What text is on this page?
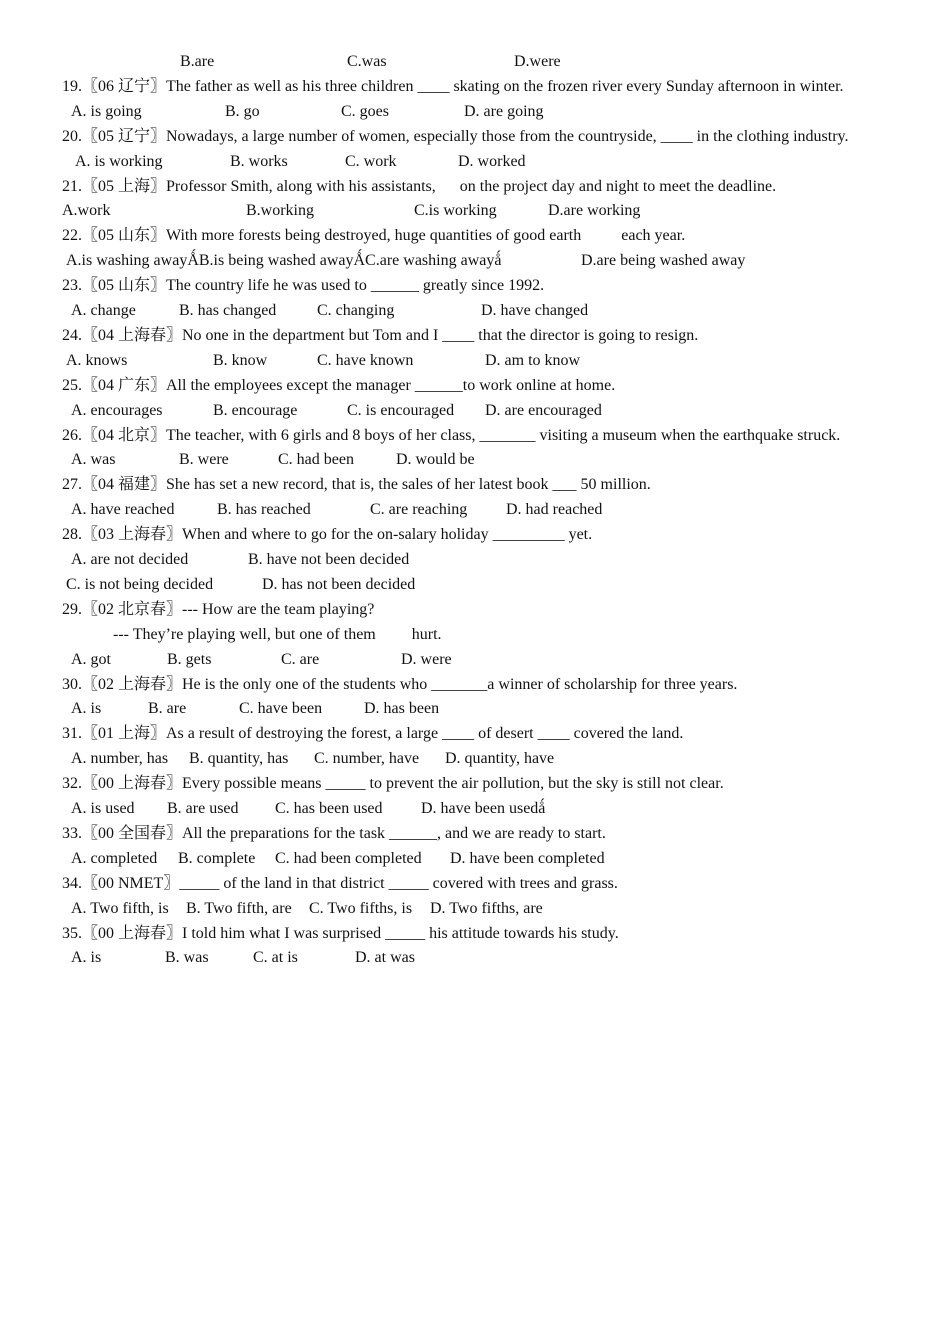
B.are	C.was	D.were
19.〖06 辽宁〗The father as well as his three children ____ skating on the frozen river every Sunday afternoon in winter.
A. is going	B. go	C. goes	D. are going
20.〖05 辽宁〗Nowadays, a large number of women, especially those from the countryside, ____ in the clothing industry.
A. is working	B. works	C. work	D. worked
21.〖05 上海〗Professor Smith, along with his assistants,      on the project day and night to meet the deadline.
A.work	B.working	C.is working	D.are working
22.〖05 山东〗With more forests being destroyed, huge quantities of good earth          each year.
A.is washing awayǺB.is being washed awayǺC.are washing awayǻ	D.are being washed away
23.〖05 山东〗The country life he was used to ______ greatly since 1992.
A. change	B. has changed	C. changing	D. have changed
24.〖04 上海春〗No one in the department but Tom and I ____ that the director is going to resign.
A. knows	B. know	C. have known	D. am to know
25.〖04 广东〗All the employees except the manager ______to work online at home.
A. encourages	B. encourage	C. is encouraged D. are encouraged
26.〖04 北京〗The teacher, with 6 girls and 8 boys of her class, _______ visiting a museum when the earthquake struck.
A. was	B. were	C. had been	D. would be
27.〖04 福建〗She has set a new record, that is, the sales of her latest book ___ 50 million.
A. have reached	B. has reached	C. are reaching D. had reached
28.〖03 上海春〗When and where to go for the on-salary holiday _________ yet.
A. are not decided	B. have not been decided
C. is not being decided	D. has not been decided
29.〖02 北京春〗--- How are the team playing?
--- They’re playing well, but one of them         hurt.
A. got	B. gets	C. are	D. were
30.〖02 上海春〗He is the only one of the students who _______a winner of scholarship for three years.
A. is	B. are	C. have been	D. has been
31.〖01 上海〗As a result of destroying the forest, a large ____ of desert ____ covered the land.
A. number, has B. quantity, has C. number, have D. quantity, have
32.〖00 上海春〗Every possible means _____ to prevent the air pollution, but the sky is still not clear.
A. is used B. are used C. has been used D. have been usedǻ
33.〖00 全国春〗All the preparations for the task ______, and we are ready to start.
A. completed B. complete C. had been completed D. have been completed
34.〖00 NMET〗_____ of the land in that district _____ covered with trees and grass.
A. Two fifth, is B. Two fifth, are C. Two fifths, is D. Two fifths, are
35.〖00 上海春〗I told him what I was surprised _____ his attitude towards his study.
A. is	B. was	C. at is	D. at was
